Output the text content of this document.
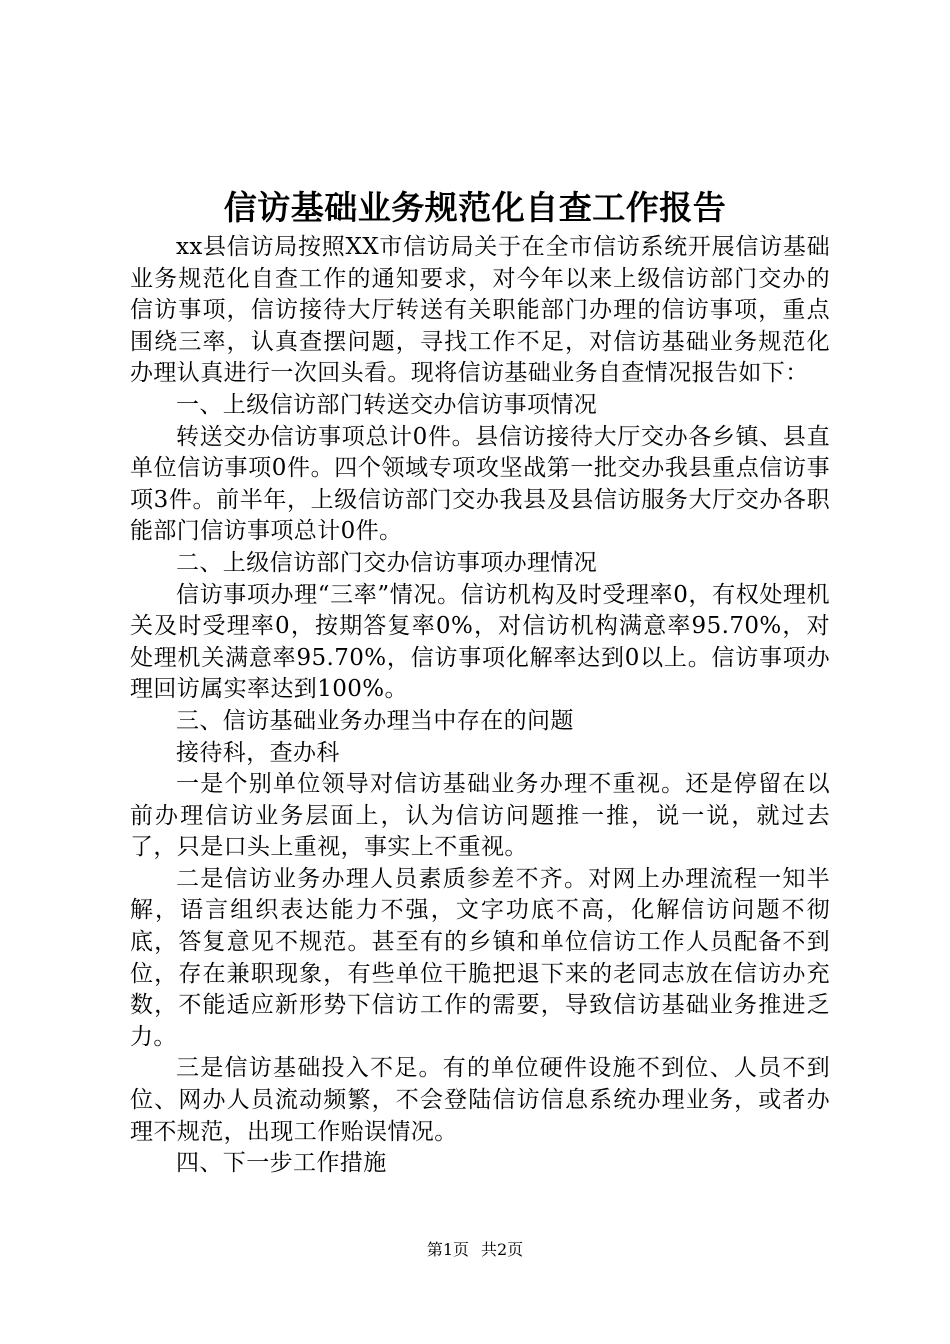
信访基础业务规范化自查工作报告

xx县信访局按照XX市信访局关于在全市信访系统开展信访基础业务规范化自查工作的通知要求，对今年以来上级信访部门交办的信访事项，信访接待大厅转送有关职能部门办理的信访事项，重点围绕三率，认真查摆问题，寻找工作不足，对信访基础业务规范化办理认真进行一次回头看。现将信访基础业务自查情况报告如下：

一、上级信访部门转送交办信访事项情况

转送交办信访事项总计0件。县信访接待大厅交办各乡镇、县直单位信访事项0件。四个领域专项攻坚战第一批交办我县重点信访事项3件。前半年，上级信访部门交办我县及县信访服务大厅交办各职能部门信访事项总计0件。

二、上级信访部门交办信访事项办理情况

信访事项办理“三率”情况。信访机构及时受理率0，有权处理机关及时受理率0，按期答复率0%，对信访机构满意率95.70%，对处理机关满意率95.70%，信访事项化解率达到0以上。信访事项办理回访属实率达到100%。

三、信访基础业务办理当中存在的问题

接待科，查办科

一是个别单位领导对信访基础业务办理不重视。还是停留在以前办理信访业务层面上，认为信访问题推一推，说一说，就过去了，只是口头上重视，事实上不重视。

二是信访业务办理人员素质参差不齐。对网上办理流程一知半解，语言组织表达能力不强，文字功底不高，化解信访问题不彻底，答复意见不规范。甚至有的乡镇和单位信访工作人员配备不到位，存在兼职现象，有些单位干脆把退下来的老同志放在信访办充数，不能适应新形势下信访工作的需要，导致信访基础业务推进乏力。

三是信访基础投入不足。有的单位硬件设施不到位、人员不到位、网办人员流动频繁，不会登陆信访信息系统办理业务，或者办理不规范，出现工作贻误情况。

四、下一步工作措施

第1页 共2页
